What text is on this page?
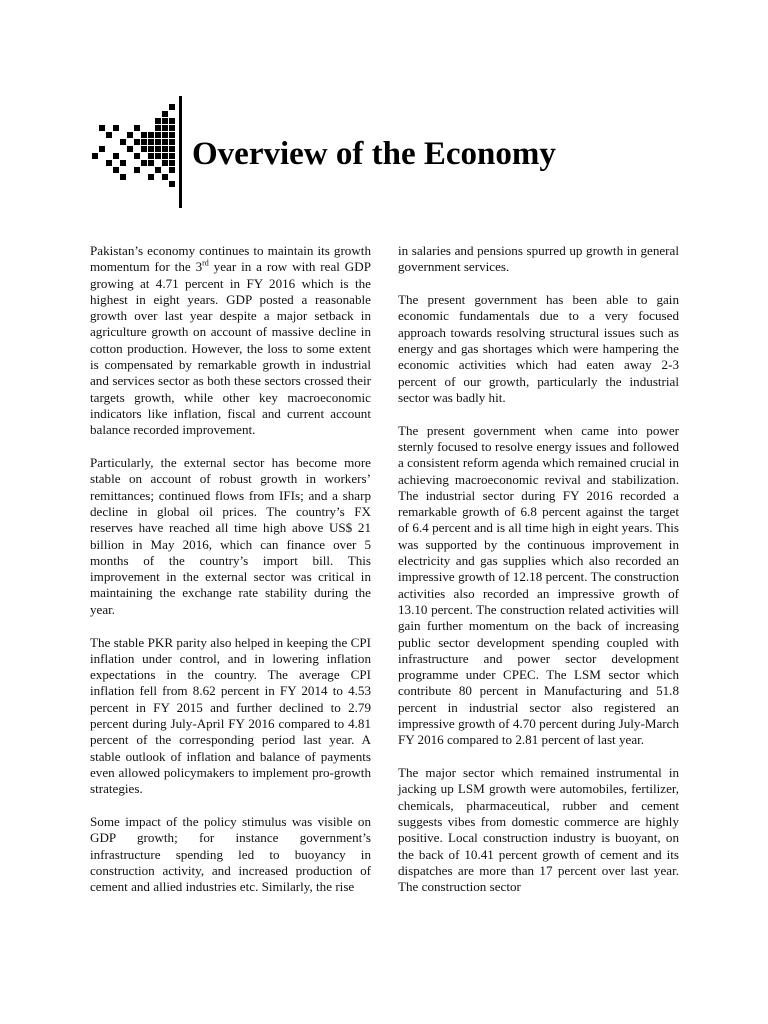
Overview of the Economy

Pakistan’s economy continues to maintain its growth momentum for the 3rd year in a row with real GDP growing at 4.71 percent in FY 2016 which is the highest in eight years. GDP posted a reasonable growth over last year despite a major setback in agriculture growth on account of massive decline in cotton production. However, the loss to some extent is compensated by remarkable growth in industrial and services sector as both these sectors crossed their targets growth, while other key macroeconomic indicators like inflation, fiscal and current account balance recorded improvement.

Particularly, the external sector has become more stable on account of robust growth in workers’ remittances; continued flows from IFIs; and a sharp decline in global oil prices. The country’s FX reserves have reached all time high above US$ 21 billion in May 2016, which can finance over 5 months of the country’s import bill. This improvement in the external sector was critical in maintaining the exchange rate stability during the year.

The stable PKR parity also helped in keeping the CPI inflation under control, and in lowering inflation expectations in the country. The average CPI inflation fell from 8.62 percent in FY 2014 to 4.53 percent in FY 2015 and further declined to 2.79 percent during July-April FY 2016 compared to 4.81 percent of the corresponding period last year. A stable outlook of inflation and balance of payments even allowed policymakers to implement pro-growth strategies.

Some impact of the policy stimulus was visible on GDP growth; for instance government’s infrastructure spending led to buoyancy in construction activity, and increased production of cement and allied industries etc. Similarly, the rise

in salaries and pensions spurred up growth in general government services.

The present government has been able to gain economic fundamentals due to a very focused approach towards resolving structural issues such as energy and gas shortages which were hampering the economic activities which had eaten away 2-3 percent of our growth, particularly the industrial sector was badly hit.

The present government when came into power sternly focused to resolve energy issues and followed a consistent reform agenda which remained crucial in achieving macroeconomic revival and stabilization. The industrial sector during FY 2016 recorded a remarkable growth of 6.8 percent against the target of 6.4 percent and is all time high in eight years. This was supported by the continuous improvement in electricity and gas supplies which also recorded an impressive growth of 12.18 percent. The construction activities also recorded an impressive growth of 13.10 percent. The construction related activities will gain further momentum on the back of increasing public sector development spending coupled with infrastructure and power sector development programme under CPEC. The LSM sector which contribute 80 percent in Manufacturing and 51.8 percent in industrial sector also registered an impressive growth of 4.70 percent during July-March FY 2016 compared to 2.81 percent of last year.

The major sector which remained instrumental in jacking up LSM growth were automobiles, fertilizer, chemicals, pharmaceutical, rubber and cement suggests vibes from domestic commerce are highly positive. Local construction industry is buoyant, on the back of 10.41 percent growth of cement and its dispatches are more than 17 percent over last year. The construction sector
